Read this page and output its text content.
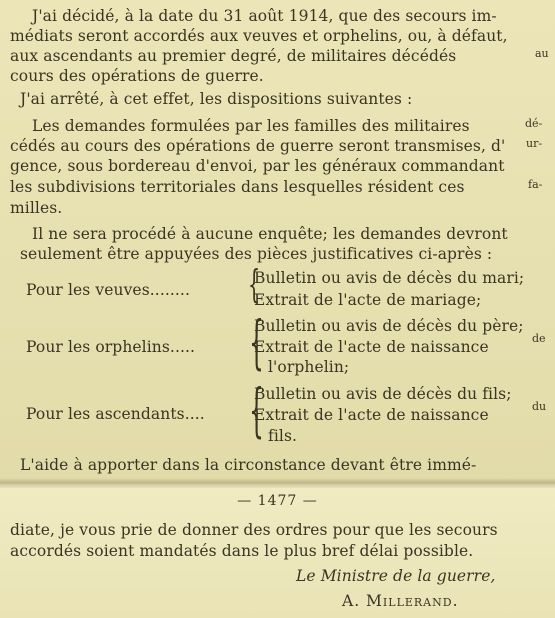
J'ai décidé, à la date du 31 août 1914, que des secours im-
médiats seront accordés aux veuves et orphelins, ou, à défaut,
aux ascendants au premier degré, de militaires décédés	au
cours des opérations de guerre.
J'ai arrêté, à cet effet, les dispositions suivantes :
Les demandes formulées par les familles des militaires	dé-
cédés au cours des opérations de guerre seront transmises, d' ur-
gence, sous bordereau d'envoi, par les généraux commandant
les subdivisions territoriales dans lesquelles résident ces	fa-
milles.
Il ne sera procédé à aucune enquête; les demandes devront
seulement être appuyées des pièces justificatives ci-après :
Pour les veuves........ {
Bulletin ou avis de décès du mari;
Extrait de l'acte de mariage;
Pour les orphelins..... {
Bulletin ou avis de décès du père;
Extrait de l'acte de naissance	de
l'orphelin;
Pour les ascendants.... {
Bulletin ou avis de décès du fils;
Extrait de l'acte de naissance	du
fils.
L'aide à apporter dans la circonstance devant être immé-
— 1477 —
diate, je vous prie de donner des ordres pour que les secours
accordés soient mandatés dans le plus bref délai possible.
Le Ministre de la guerre,
A. Millerand.
